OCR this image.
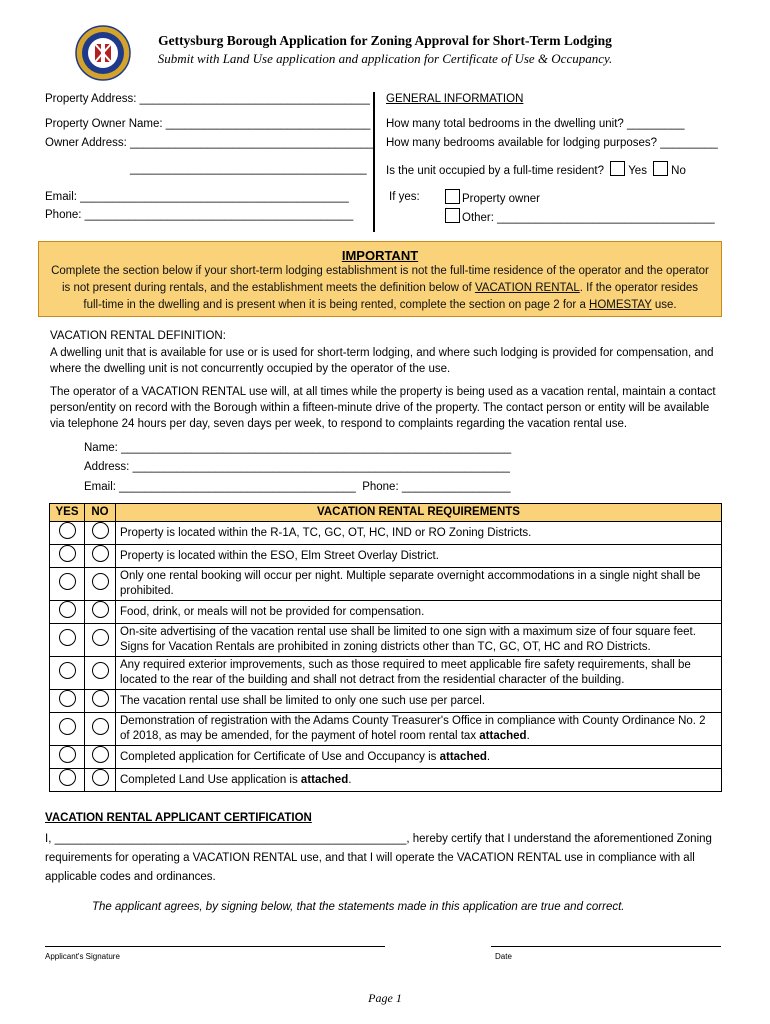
Gettysburg Borough Application for Zoning Approval for Short-Term Lodging
Submit with Land Use application and application for Certificate of Use & Occupancy.
Property Address: ____________________________________
Property Owner Name: ________________________________
Owner Address: ______________________________________
_____________________________________
Email: __________________________________________
Phone: __________________________________________
GENERAL INFORMATION
How many total bedrooms in the dwelling unit? _________
How many bedrooms available for lodging purposes? _________
Is the unit occupied by a full-time resident? Yes No
If yes:	Property owner
Other: __________________________________
IMPORTANT
Complete the section below if your short-term lodging establishment is not the full-time residence of the operator and the operator
is not present during rentals, and the establishment meets the definition below of VACATION RENTAL. If the operator resides
full-time in the dwelling and is present when it is being rented, complete the section on page 2 for a HOMESTAY use.
VACATION RENTAL DEFINITION:
A dwelling unit that is available for use or is used for short-term lodging, and where such lodging is provided for compensation, and where the dwelling unit is not concurrently occupied by the operator of the use.
The operator of a VACATION RENTAL use will, at all times while the property is being used as a vacation rental, maintain a contact person/entity on record with the Borough within a fifteen-minute drive of the property. The contact person or entity will be available via telephone 24 hours per day, seven days per week, to respond to complaints regarding the vacation rental use.
Name: _____________________________________________________________
Address: ___________________________________________________________
Email: _____________________________________ Phone: _________________
YES	NO	VACATION RENTAL REQUIREMENTS
		Property is located within the R-1A, TC, GC, OT, HC, IND or RO Zoning Districts.
		Property is located within the ESO, Elm Street Overlay District.
		Only one rental booking will occur per night. Multiple separate overnight accommodations in a single night shall be prohibited.
		Food, drink, or meals will not be provided for compensation.
		On-site advertising of the vacation rental use shall be limited to one sign with a maximum size of four square feet. Signs for Vacation Rentals are prohibited in zoning districts other than TC, GC, OT, HC and RO Districts.
		Any required exterior improvements, such as those required to meet applicable fire safety requirements, shall be located to the rear of the building and shall not detract from the residential character of the building.
		The vacation rental use shall be limited to only one such use per parcel.
		Demonstration of registration with the Adams County Treasurer's Office in compliance with County Ordinance No. 2 of 2018, as may be amended, for the payment of hotel room rental tax attached.
		Completed application for Certificate of Use and Occupancy is attached.
		Completed Land Use application is attached.
VACATION RENTAL APPLICANT CERTIFICATION
I, _______________________________________________________, hereby certify that I understand the aforementioned Zoning
requirements for operating a VACATION RENTAL use, and that I will operate the VACATION RENTAL use in compliance with all
applicable codes and ordinances.
The applicant agrees, by signing below, that the statements made in this application are true and correct.
Applicant's Signature	Date
Page 1
